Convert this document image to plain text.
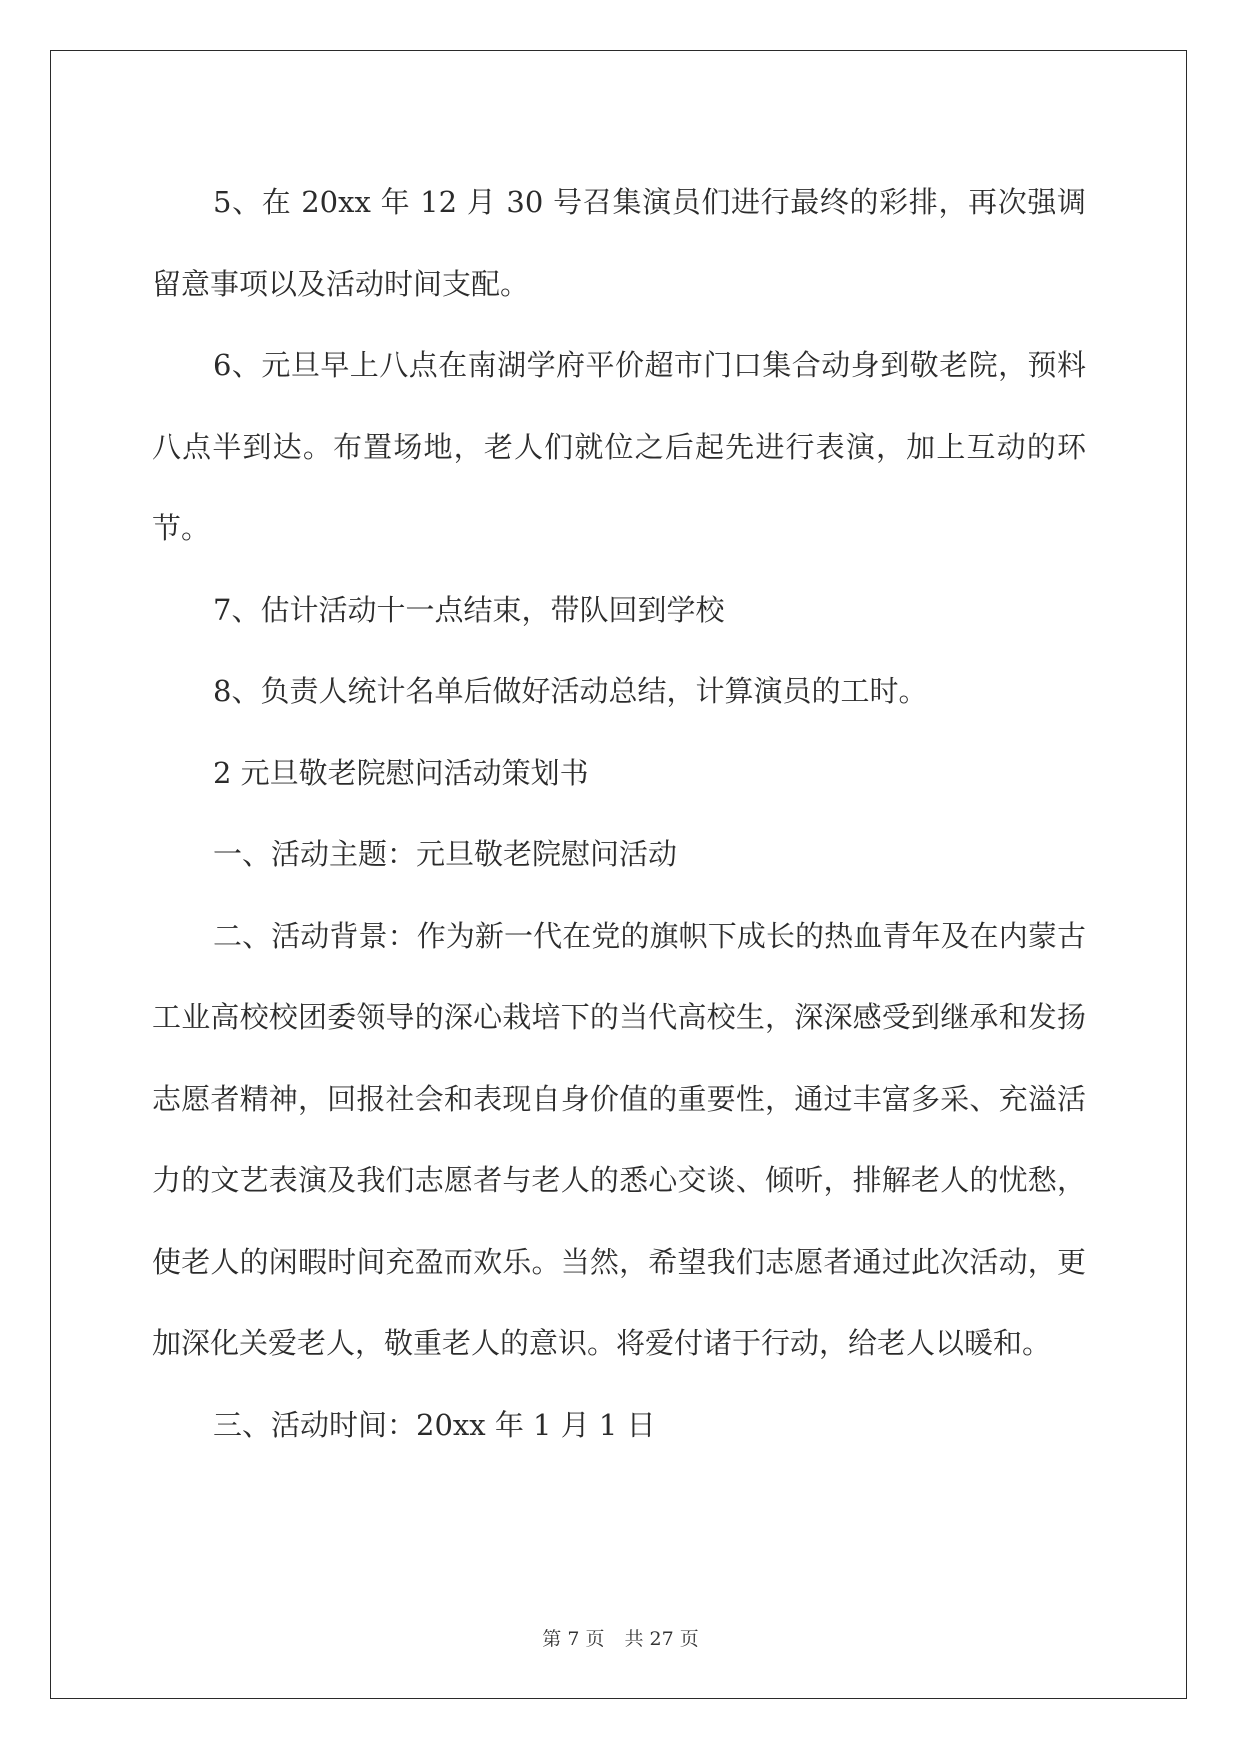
5、在 20xx 年 12 月 30 号召集演员们进行最终的彩排，再次强调留意事项以及活动时间支配。

6、元旦早上八点在南湖学府平价超市门口集合动身到敬老院，预料八点半到达。布置场地，老人们就位之后起先进行表演，加上互动的环节。

7、估计活动十一点结束，带队回到学校

8、负责人统计名单后做好活动总结，计算演员的工时。

2 元旦敬老院慰问活动策划书

一、活动主题：元旦敬老院慰问活动

二、活动背景：作为新一代在党的旗帜下成长的热血青年及在内蒙古工业高校校团委领导的深心栽培下的当代高校生，深深感受到继承和发扬志愿者精神，回报社会和表现自身价值的重要性，通过丰富多采、充溢活力的文艺表演及我们志愿者与老人的悉心交谈、倾听，排解老人的忧愁，使老人的闲暇时间充盈而欢乐。当然，希望我们志愿者通过此次活动，更加深化关爱老人，敬重老人的意识。将爱付诸于行动，给老人以暖和。

三、活动时间：20xx 年 1 月 1 日

第 7 页 共 27 页
